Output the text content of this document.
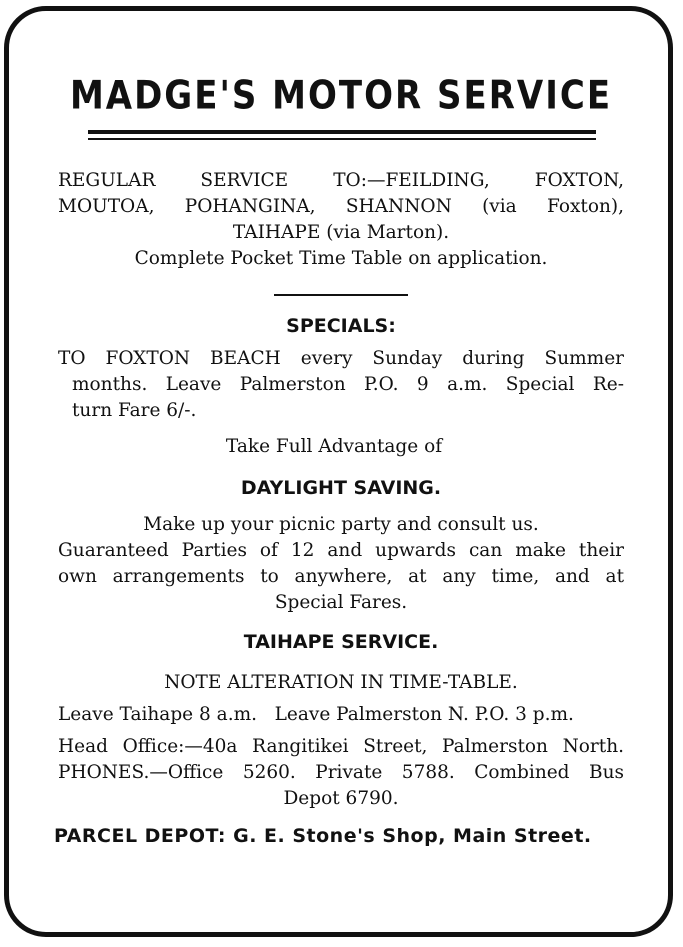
MADGE'S MOTOR SERVICE

REGULAR SERVICE TO:—FEILDING, FOXTON,

MOUTOA, POHANGINA, SHANNON (via Foxton),

TAIHAPE (via Marton).

Complete Pocket Time Table on application.

SPECIALS:

TO FOXTON BEACH every Sunday during Summer

months. Leave Palmerston P.O. 9 a.m. Special Re-

turn Fare 6/-.

Take Full Advantage of

DAYLIGHT SAVING.

Make up your picnic party and consult us.

Guaranteed Parties of 12 and upwards can make their

own arrangements to anywhere, at any time, and at

Special Fares.

TAIHAPE SERVICE.

NOTE ALTERATION IN TIME-TABLE.

Leave Taihape 8 a.m.   Leave Palmerston N. P.O. 3 p.m.

Head Office:—40a Rangitikei Street, Palmerston North.

PHONES.—Office 5260. Private 5788. Combined Bus

Depot 6790.

PARCEL DEPOT: G. E. Stone's Shop, Main Street.
